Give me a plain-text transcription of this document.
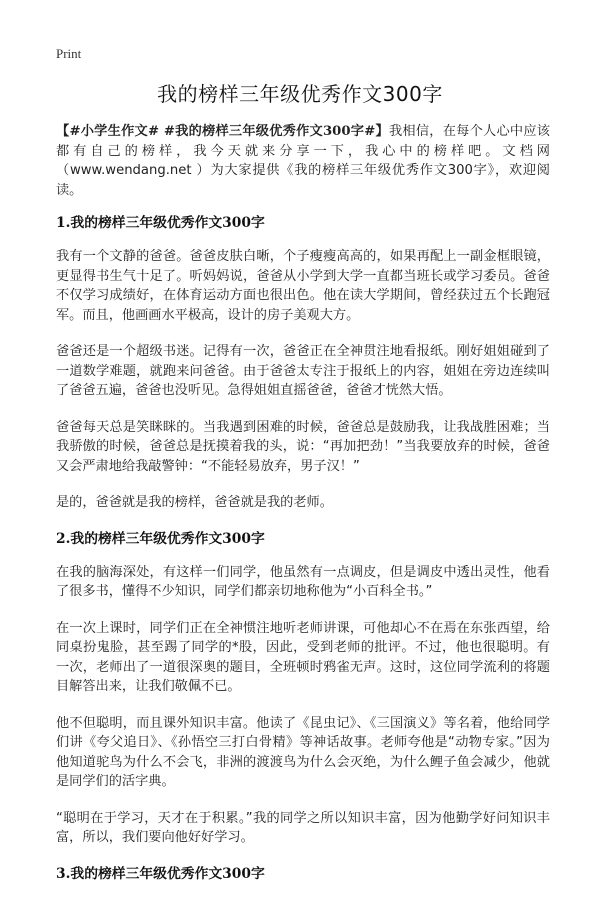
Print
我的榜样三年级优秀作文300字

【#小学生作文# #我的榜样三年级优秀作文300字#】我相信，在每个人心中应该都有自己的榜样，我今天就来分享一下，我心中的榜样吧。文档网（www.wendang.net ）为大家提供《我的榜样三年级优秀作文300字》，欢迎阅读。

1.我的榜样三年级优秀作文300字

我有一个文静的爸爸。爸爸皮肤白晰，个子瘦瘦高高的，如果再配上一副金框眼镜，更显得书生气十足了。听妈妈说，爸爸从小学到大学一直都当班长或学习委员。爸爸不仅学习成绩好，在体育运动方面也很出色。他在读大学期间，曾经获过五个长跑冠军。而且，他画画水平极高，设计的房子美观大方。

爸爸还是一个超级书迷。记得有一次，爸爸正在全神贯注地看报纸。刚好姐姐碰到了一道数学难题，就跑来问爸爸。由于爸爸太专注于报纸上的内容，姐姐在旁边连续叫了爸爸五遍，爸爸也没听见。急得姐姐直摇爸爸，爸爸才恍然大悟。

爸爸每天总是笑眯眯的。当我遇到困难的时候，爸爸总是鼓励我，让我战胜困难；当我骄傲的时候，爸爸总是抚摸着我的头，说：“再加把劲！”当我要放弃的时候，爸爸又会严肃地给我敲警钟：“不能轻易放弃，男子汉！”

是的，爸爸就是我的榜样，爸爸就是我的老师。

2.我的榜样三年级优秀作文300字

在我的脑海深处，有这样一们同学，他虽然有一点调皮，但是调皮中透出灵性，他看了很多书，懂得不少知识，同学们都亲切地称他为“小百科全书。”

在一次上课时，同学们正在全神惯注地听老师讲课，可他却心不在焉在东张西望，给同桌扮鬼脸，甚至踢了同学的*股，因此，受到老师的批评。不过，他也很聪明。有一次，老师出了一道很深奥的题目，全班顿时鸦雀无声。这时，这位同学流利的将题目解答出来，让我们敬佩不已。

他不但聪明，而且课外知识丰富。他读了《昆虫记》、《三国演义》等名着，他给同学们讲《夸父追日》、《孙悟空三打白骨精》等神话故事。老师夸他是“动物专家。”因为他知道驼鸟为什么不会飞，非洲的渡渡鸟为什么会灭绝，为什么鲤子鱼会减少，他就是同学们的活字典。

“聪明在于学习，天才在于积累。”我的同学之所以知识丰富，因为他勤学好问知识丰富，所以，我们要向他好好学习。

3.我的榜样三年级优秀作文300字
